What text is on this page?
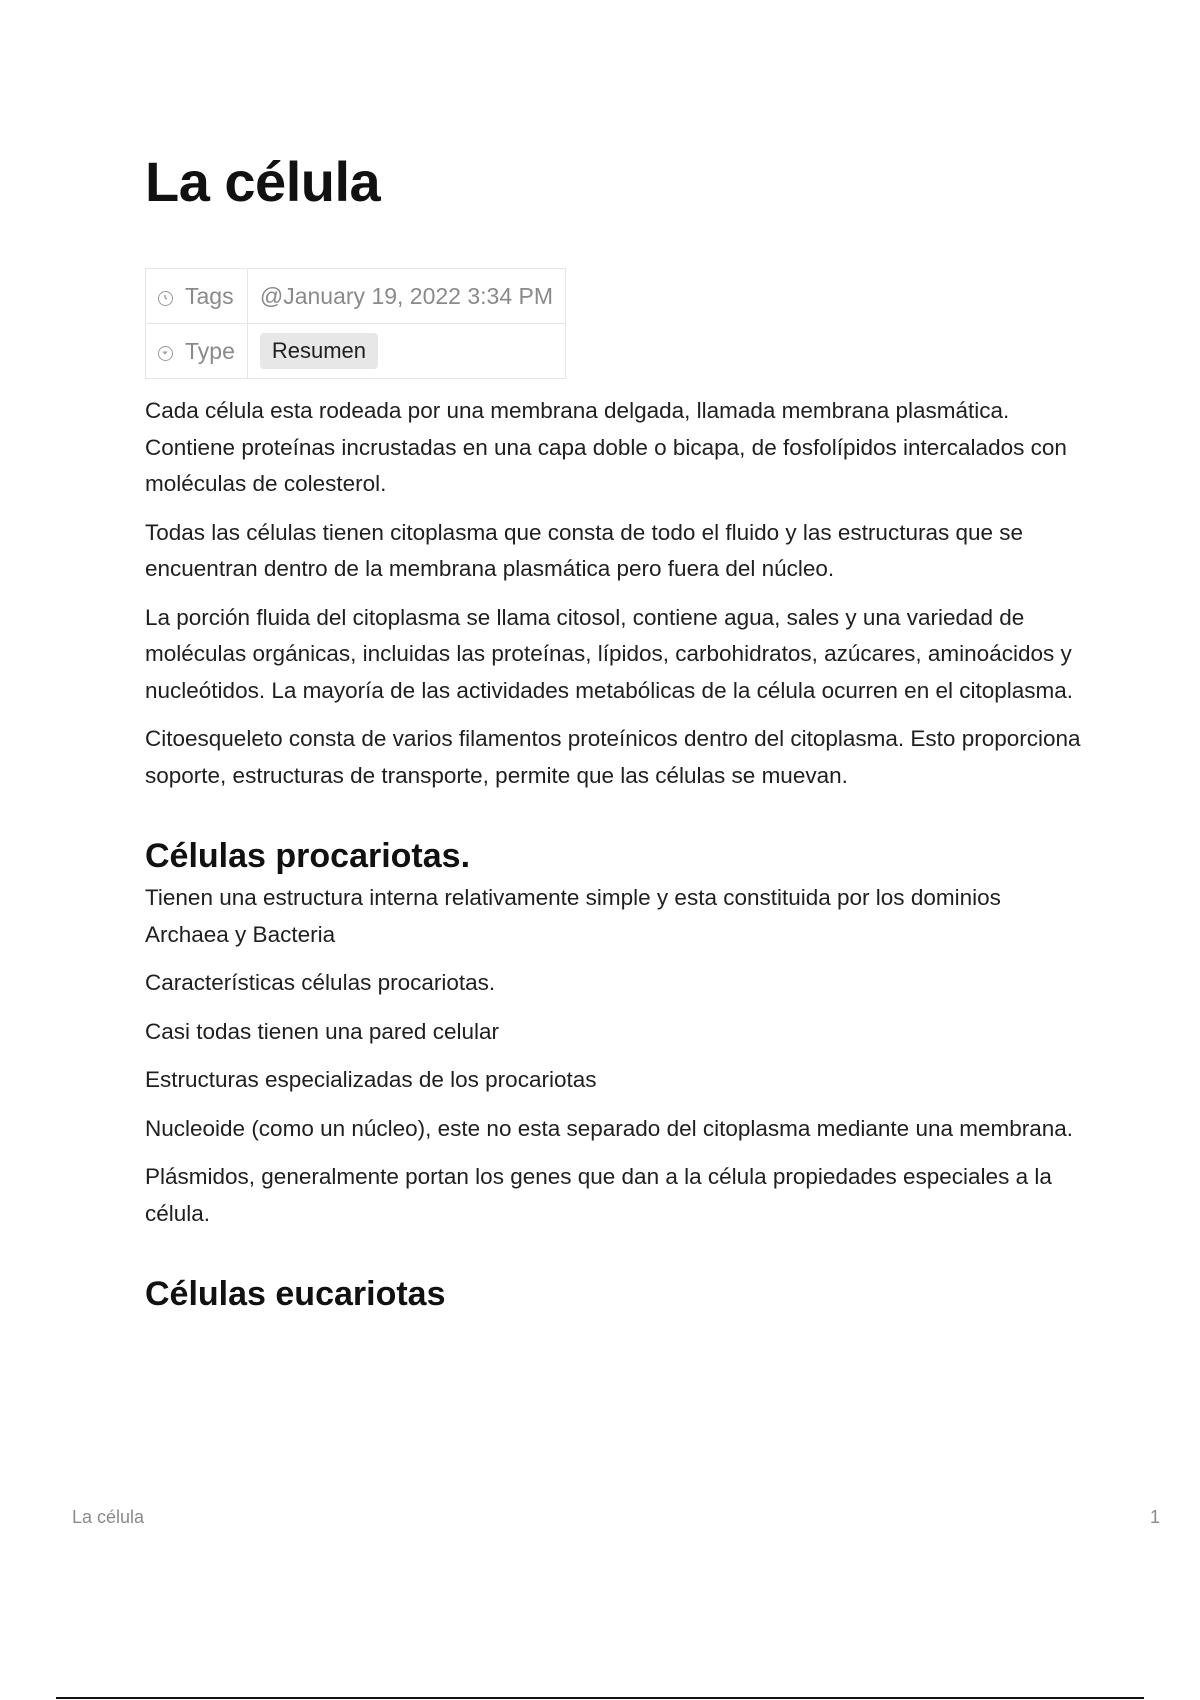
La célula
Tags	@January 19, 2022 3:34 PM

Type	Resumen

Cada célula esta rodeada por una membrana delgada, llamada membrana plasmática. Contiene proteínas incrustadas en una capa doble o bicapa, de fosfolípidos intercalados con moléculas de colesterol.

Todas las células tienen citoplasma que consta de todo el fluido y las estructuras que se encuentran dentro de la membrana plasmática pero fuera del núcleo.

La porción fluida del citoplasma se llama citosol, contiene agua, sales y una variedad de moléculas orgánicas, incluidas las proteínas, lípidos, carbohidratos, azúcares, aminoácidos y nucleótidos. La mayoría de las actividades metabólicas de la célula ocurren en el citoplasma.

Citoesqueleto consta de varios filamentos proteínicos dentro del citoplasma. Esto proporciona soporte, estructuras de transporte, permite que las células se muevan.

Células procariotas.

Tienen una estructura interna relativamente simple y esta constituida por los dominios Archaea y Bacteria

Características células procariotas.

Casi todas tienen una pared celular

Estructuras especializadas de los procariotas

Nucleoide (como un núcleo), este no esta separado del citoplasma mediante una membrana.

Plásmidos, generalmente portan los genes que dan a la célula propiedades especiales a la célula.

Células eucariotas
La célula	1
